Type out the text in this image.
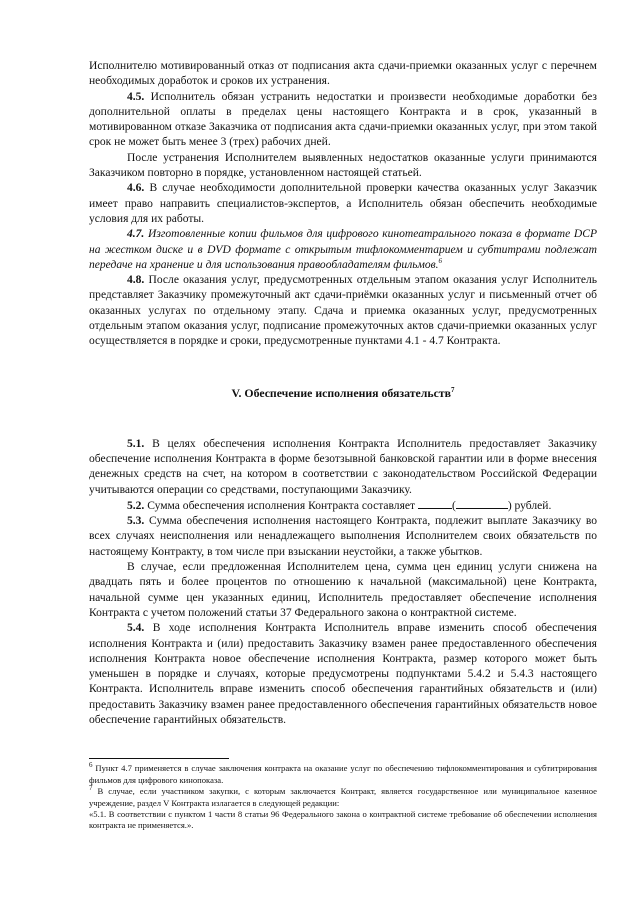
Исполнителю мотивированный отказ от подписания акта сдачи-приемки оказанных услуг с перечнем необходимых доработок и сроков их устранения.

4.5. Исполнитель обязан устранить недостатки и произвести необходимые доработки без дополнительной оплаты в пределах цены настоящего Контракта и в срок, указанный в мотивированном отказе Заказчика от подписания акта сдачи-приемки оказанных услуг, при этом такой срок не может быть менее 3 (трех) рабочих дней.

После устранения Исполнителем выявленных недостатков оказанные услуги принимаются Заказчиком повторно в порядке, установленном настоящей статьей.

4.6. В случае необходимости дополнительной проверки качества оказанных услуг Заказчик имеет право направить специалистов-экспертов, а Исполнитель обязан обеспечить необходимые условия для их работы.

4.7. Изготовленные копии фильмов для цифрового кинотеатрального показа в формате DCP на жестком диске и в DVD формате с открытым тифлокомментарием и субтитрами подлежат передаче на хранение и для использования правообладателям фильмов.$^6$

4.8. После оказания услуг, предусмотренных отдельным этапом оказания услуг Исполнитель представляет Заказчику промежуточный акт сдачи-приёмки оказанных услуг и письменный отчет об оказанных услугах по отдельному этапу. Сдача и приемка оказанных услуг, предусмотренных отдельным этапом оказания услуг, подписание промежуточных актов сдачи-приемки оказанных услуг осуществляется в порядке и сроки, предусмотренные пунктами 4.1 - 4.7 Контракта.

V. Обеспечение исполнения обязательств$^7$

5.1. В целях обеспечения исполнения Контракта Исполнитель предоставляет Заказчику обеспечение исполнения Контракта в форме безотзывной банковской гарантии или в форме внесения денежных средств на счет, на котором в соответствии с законодательством Российской Федерации учитываются операции со средствами, поступающими Заказчику.

5.2. Сумма обеспечения исполнения Контракта составляет	(	) рублей.

5.3. Сумма обеспечения исполнения настоящего Контракта, подлежит выплате Заказчику во всех случаях неисполнения или ненадлежащего выполнения Исполнителем своих обязательств по настоящему Контракту, в том числе при взыскании неустойки, а также убытков.

В случае, если предложенная Исполнителем цена, сумма цен единиц услуги снижена на двадцать пять и более процентов по отношению к начальной (максимальной) цене Контракта, начальной сумме цен указанных единиц, Исполнитель предоставляет обеспечение исполнения Контракта с учетом положений статьи 37 Федерального закона о контрактной системе.

5.4. В ходе исполнения Контракта Исполнитель вправе изменить способ обеспечения исполнения Контракта и (или) предоставить Заказчику взамен ранее предоставленного обеспечения исполнения Контракта новое обеспечение исполнения Контракта, размер которого может быть уменьшен в порядке и случаях, которые предусмотрены подпунктами 5.4.2 и 5.4.3 настоящего Контракта. Исполнитель вправе изменить способ обеспечения гарантийных обязательств и (или) предоставить Заказчику взамен ранее предоставленного обеспечения гарантийных обязательств новое обеспечение гарантийных обязательств.

$^6$ Пункт 4.7 применяется в случае заключения контракта на оказание услуг по обеспечению тифлокомментирования и субтитрирования фильмов для цифрового кинопоказа.

$^7$ В случае, если участником закупки, с которым заключается Контракт, является государственное или муниципальное казенное учреждение, раздел V Контракта излагается в следующей редакции:

«5.1. В соответствии с пунктом 1 части 8 статьи 96 Федерального закона о контрактной системе требование об обеспечении исполнения контракта не применяется.».
